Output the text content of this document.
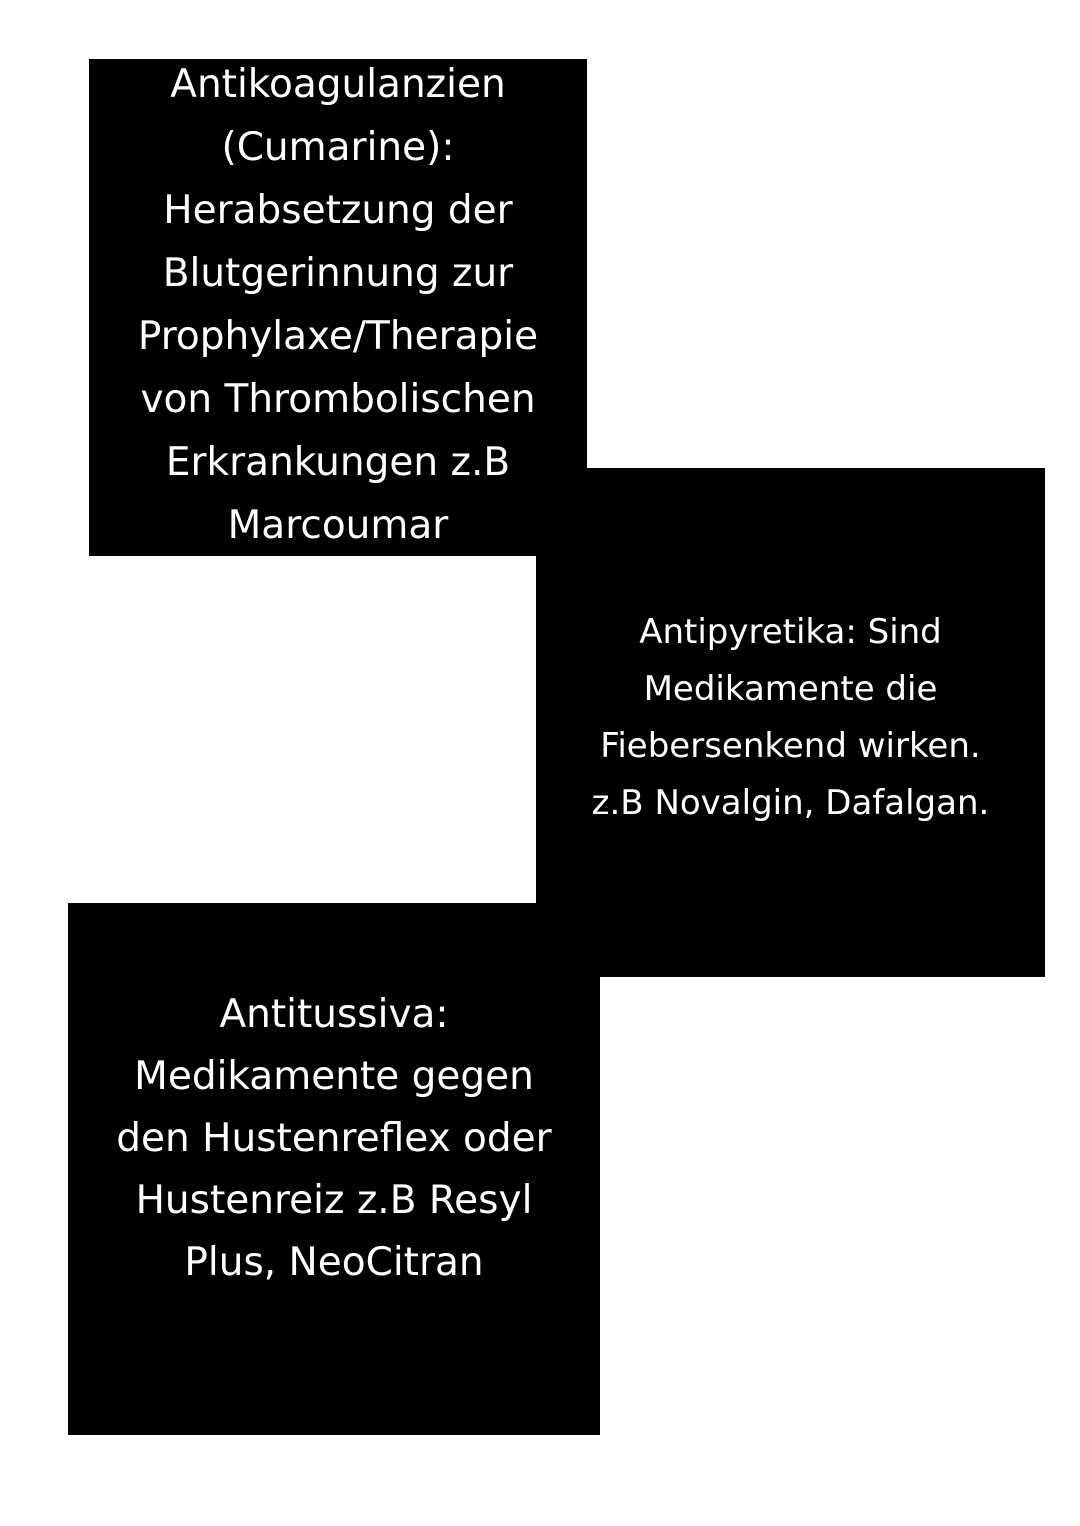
Antikoagulanzien
(Cumarine):
Herabsetzung der
Blutgerinnung zur
Prophylaxe/Therapie
von Thrombolischen
Erkrankungen z.B
Marcoumar
Antipyretika: Sind
Medikamente die
Fiebersenkend wirken.
z.B Novalgin, Dafalgan.
Antitussiva:
Medikamente gegen
den Hustenreflex oder
Hustenreiz z.B Resyl
Plus, NeoCitran
